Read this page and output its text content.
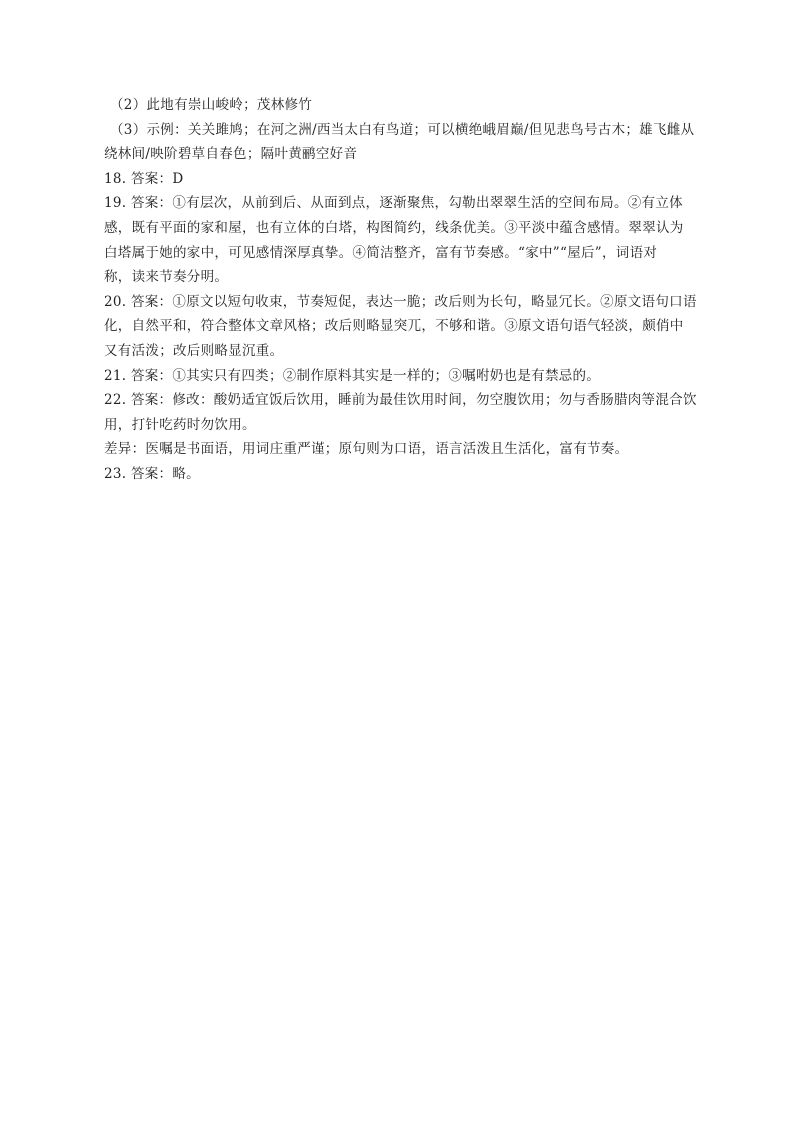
（2）此地有崇山峻岭；茂林修竹
（3）示例：关关雎鸠；在河之洲/西当太白有鸟道；可以横绝峨眉巅/但见悲鸟号古木；雄飞雌从
绕林间/映阶碧草自春色；隔叶黄鹂空好音
18. 答案：D
19. 答案：①有层次，从前到后、从面到点，逐渐聚焦，勾勒出翠翠生活的空间布局。②有立体
感，既有平面的家和屋，也有立体的白塔，构图简约，线条优美。③平淡中蕴含感情。翠翠认为
白塔属于她的家中，可见感情深厚真挚。④简洁整齐，富有节奏感。“家中”“屋后”，词语对
称，读来节奏分明。
20. 答案：①原文以短句收束，节奏短促，表达一脆；改后则为长句，略显冗长。②原文语句口语
化，自然平和，符合整体文章风格；改后则略显突兀，不够和谐。③原文语句语气轻淡，颇俏中
又有活泼；改后则略显沉重。
21. 答案：①其实只有四类；②制作原料其实是一样的；③嘱咐奶也是有禁忌的。
22. 答案：修改：酸奶适宜饭后饮用，睡前为最佳饮用时间，勿空腹饮用；勿与香肠腊肉等混合饮
用，打针吃药时勿饮用。
差异：医嘱是书面语，用词庄重严谨；原句则为口语，语言活泼且生活化，富有节奏。
23. 答案：略。
